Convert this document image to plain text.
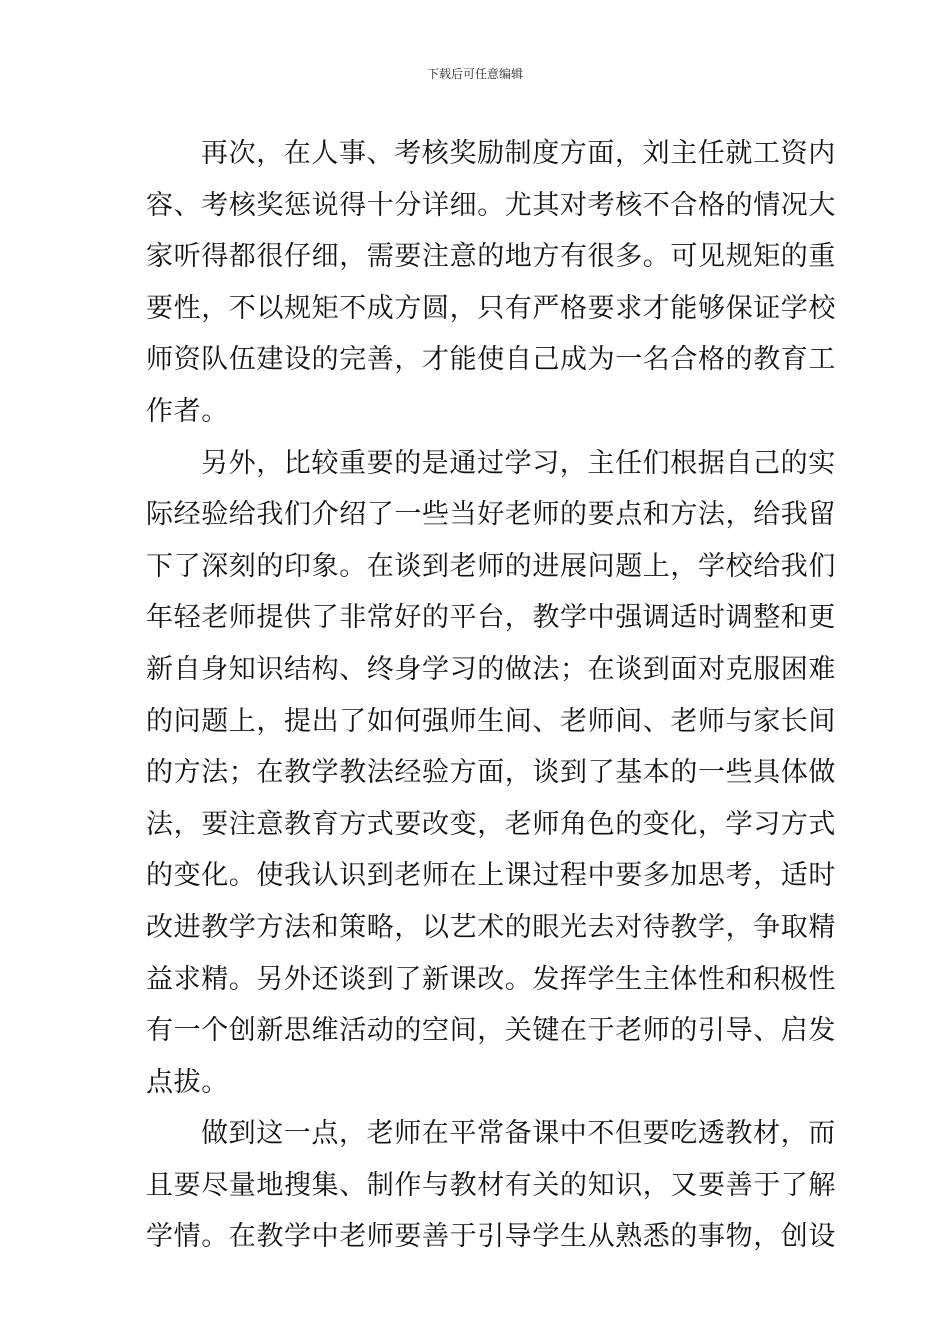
下载后可任意编辑
再次，在人事、考核奖励制度方面，刘主任就工资内
容、考核奖惩说得十分详细。尤其对考核不合格的情况大
家听得都很仔细，需要注意的地方有很多。可见规矩的重
要性，不以规矩不成方圆，只有严格要求才能够保证学校
师资队伍建设的完善，才能使自己成为一名合格的教育工
作者。
另外，比较重要的是通过学习，主任们根据自己的实
际经验给我们介绍了一些当好老师的要点和方法，给我留
下了深刻的印象。在谈到老师的进展问题上，学校给我们
年轻老师提供了非常好的平台，教学中强调适时调整和更
新自身知识结构、终身学习的做法；在谈到面对克服困难
的问题上，提出了如何强师生间、老师间、老师与家长间
的方法；在教学教法经验方面，谈到了基本的一些具体做
法，要注意教育方式要改变，老师角色的变化，学习方式
的变化。使我认识到老师在上课过程中要多加思考，适时
改进教学方法和策略，以艺术的眼光去对待教学，争取精
益求精。另外还谈到了新课改。发挥学生主体性和积极性
有一个创新思维活动的空间，关键在于老师的引导、启发
点拔。
做到这一点，老师在平常备课中不但要吃透教材，而
且要尽量地搜集、制作与教材有关的知识，又要善于了解
学情。在教学中老师要善于引导学生从熟悉的事物，创设
